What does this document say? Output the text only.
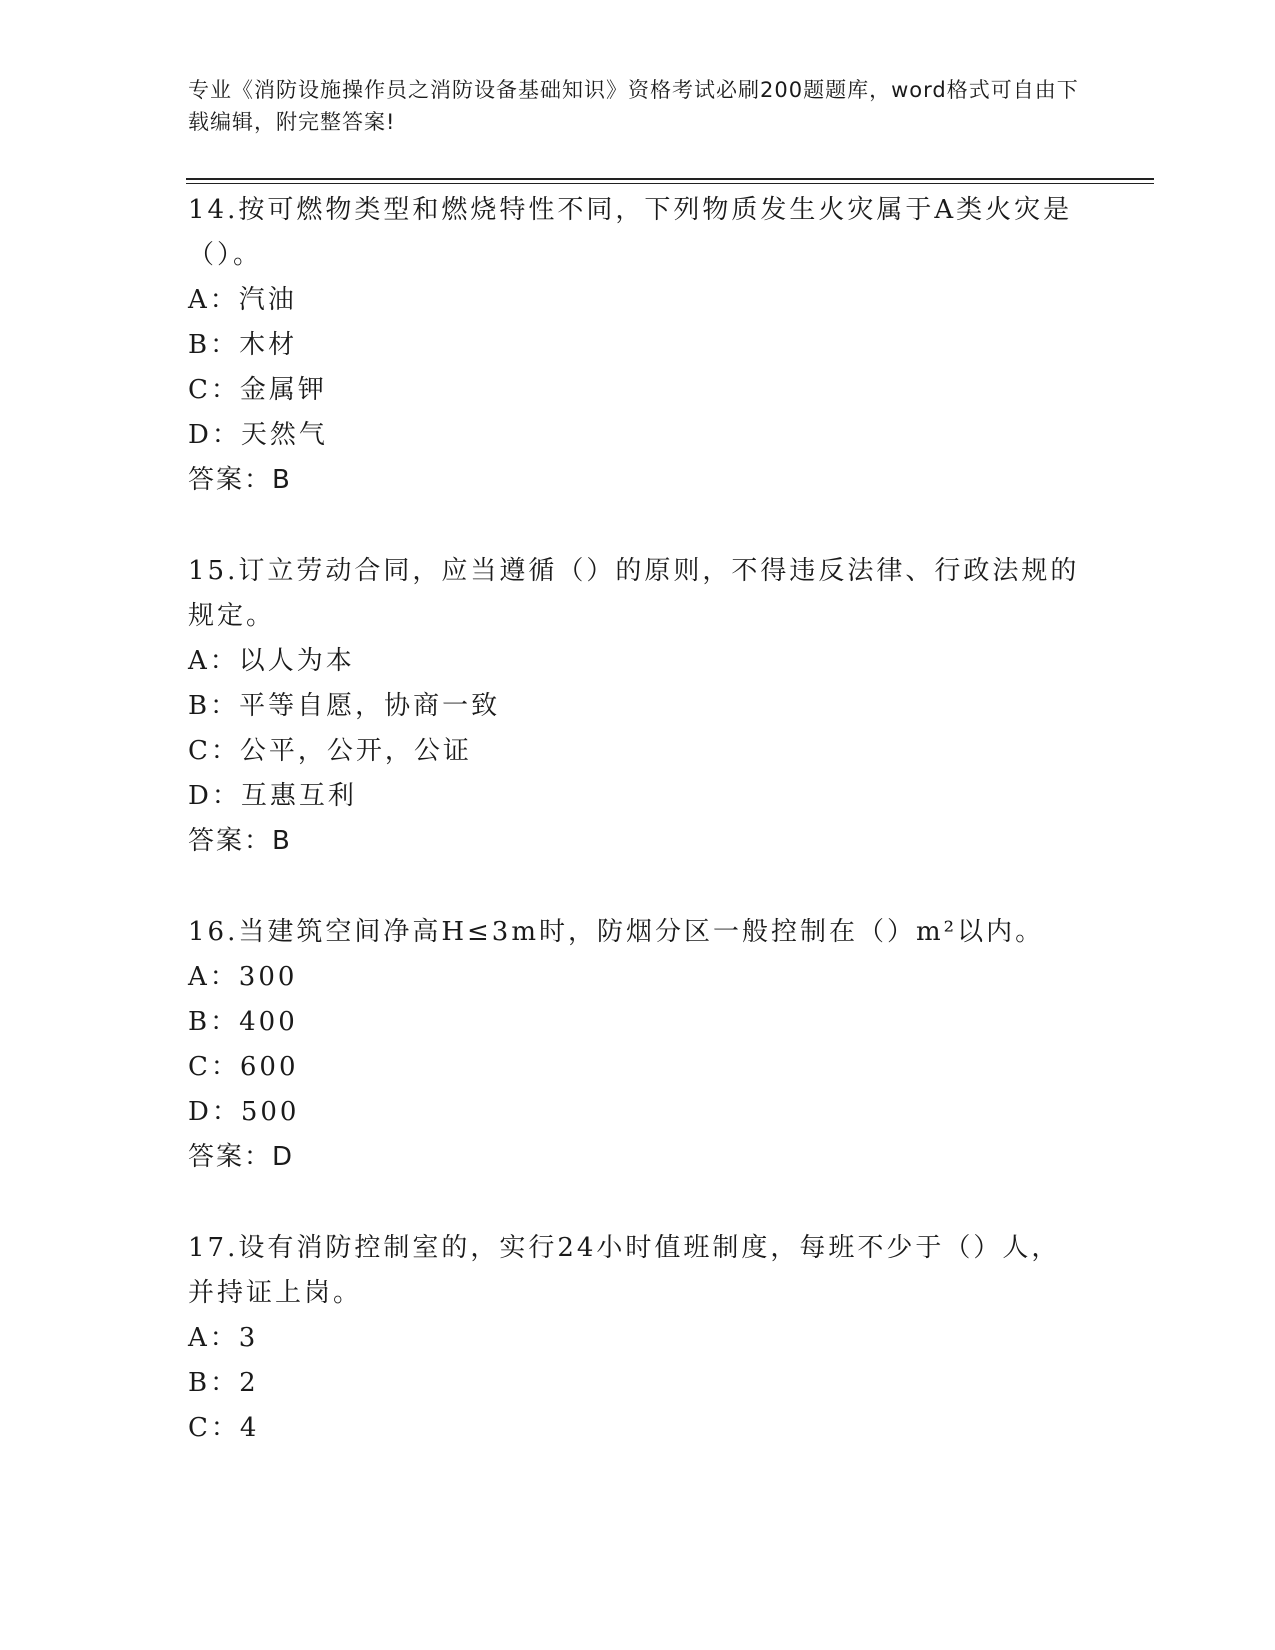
专业《消防设施操作员之消防设备基础知识》资格考试必刷200题题库，word格式可自由下载编辑，附完整答案!

14.按可燃物类型和燃烧特性不同，下列物质发生火灾属于A类火灾是（）。

A：汽油

B：木材

C：金属钾

D：天然气

答案：B

15.订立劳动合同，应当遵循（）的原则，不得违反法律、行政法规的规定。

A：以人为本

B：平等自愿，协商一致

C：公平，公开，公证

D：互惠互利

答案：B

16.当建筑空间净高H≤3m时，防烟分区一般控制在（）m²以内。

A：300

B：400

C：600

D：500

答案：D

17.设有消防控制室的，实行24小时值班制度，每班不少于（）人，并持证上岗。

A：3

B：2

C：4
